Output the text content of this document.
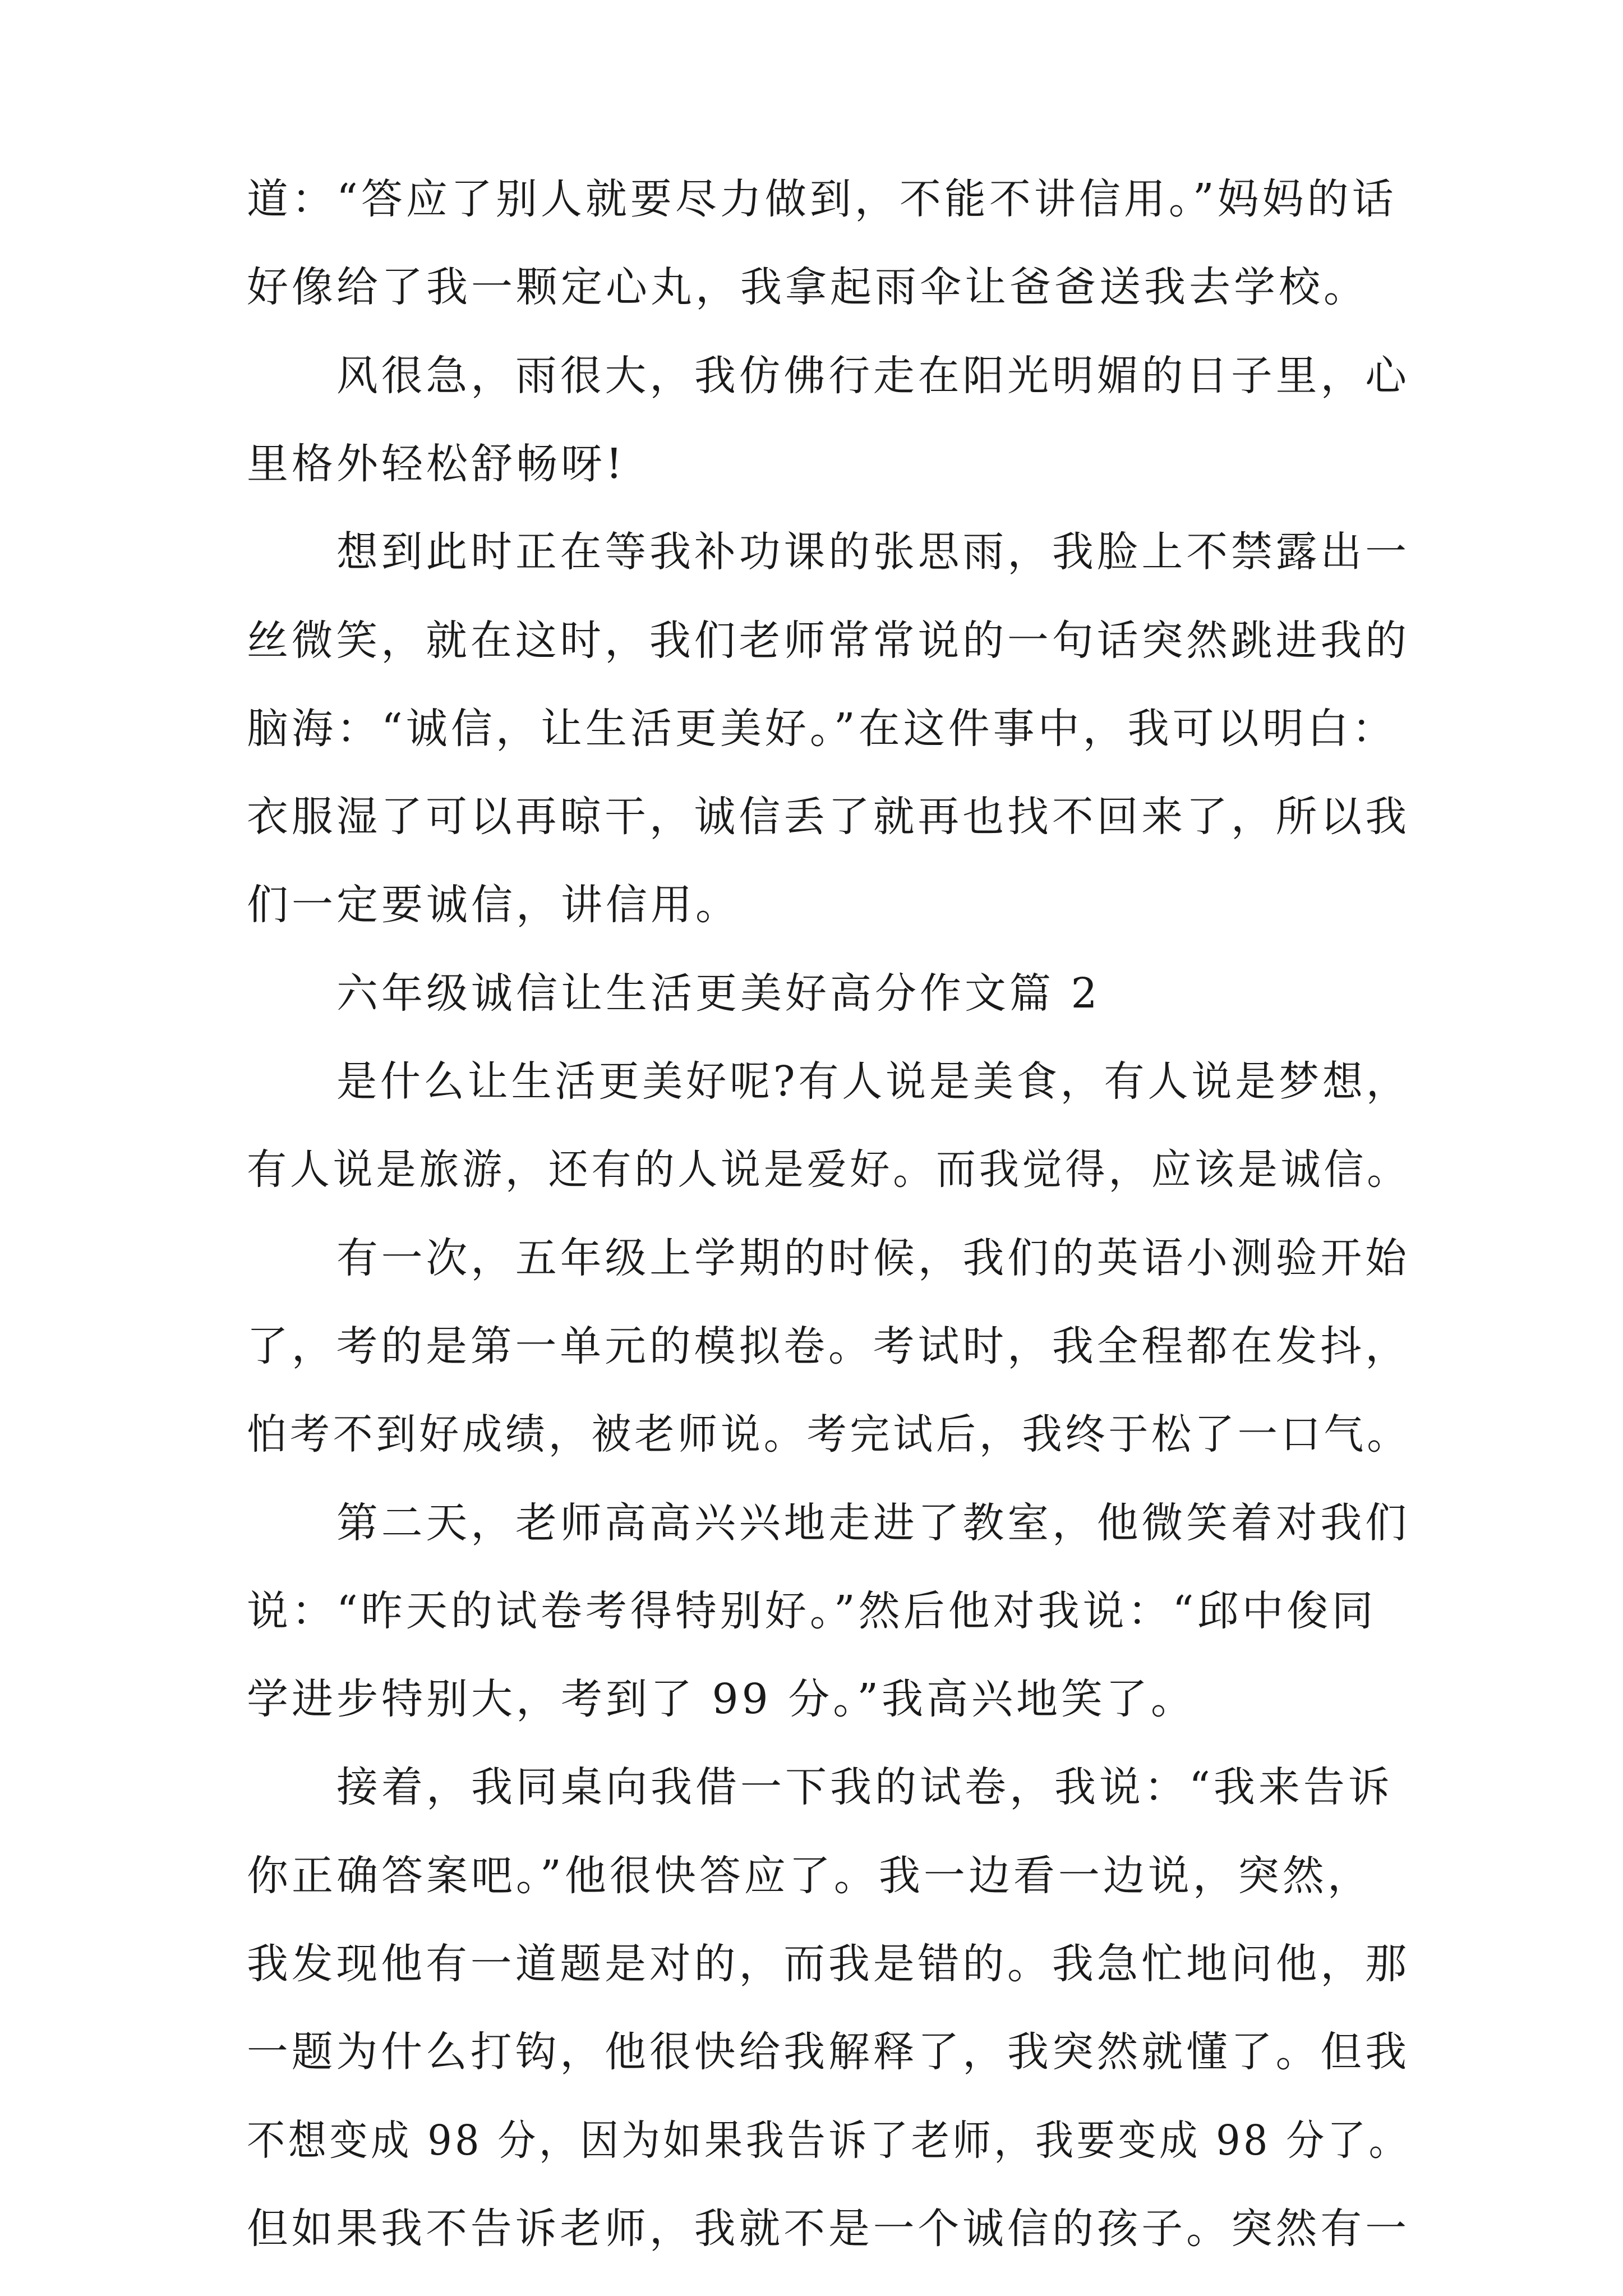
道：“答应了别人就要尽力做到，不能不讲信用。”妈妈的话
好像给了我一颗定心丸，我拿起雨伞让爸爸送我去学校。
风很急，雨很大，我仿佛行走在阳光明媚的日子里，心
里格外轻松舒畅呀!
想到此时正在等我补功课的张思雨，我脸上不禁露出一
丝微笑，就在这时，我们老师常常说的一句话突然跳进我的
脑海：“诚信，让生活更美好。”在这件事中，我可以明白：
衣服湿了可以再晾干，诚信丢了就再也找不回来了，所以我
们一定要诚信，讲信用。
六年级诚信让生活更美好高分作文篇 2
是什么让生活更美好呢?有人说是美食，有人说是梦想，
有人说是旅游，还有的人说是爱好。而我觉得，应该是诚信。
有一次，五年级上学期的时候，我们的英语小测验开始
了，考的是第一单元的模拟卷。考试时，我全程都在发抖，
怕考不到好成绩，被老师说。考完试后，我终于松了一口气。
第二天，老师高高兴兴地走进了教室，他微笑着对我们
说：“昨天的试卷考得特别好。”然后他对我说：“邱中俊同
学进步特别大，考到了 99 分。”我高兴地笑了。
接着，我同桌向我借一下我的试卷，我说：“我来告诉
你正确答案吧。”他很快答应了。我一边看一边说，突然，
我发现他有一道题是对的，而我是错的。我急忙地问他，那
一题为什么打钩，他很快给我解释了，我突然就懂了。但我
不想变成 98 分，因为如果我告诉了老师，我要变成 98 分了。
但如果我不告诉老师，我就不是一个诚信的孩子。突然有一
